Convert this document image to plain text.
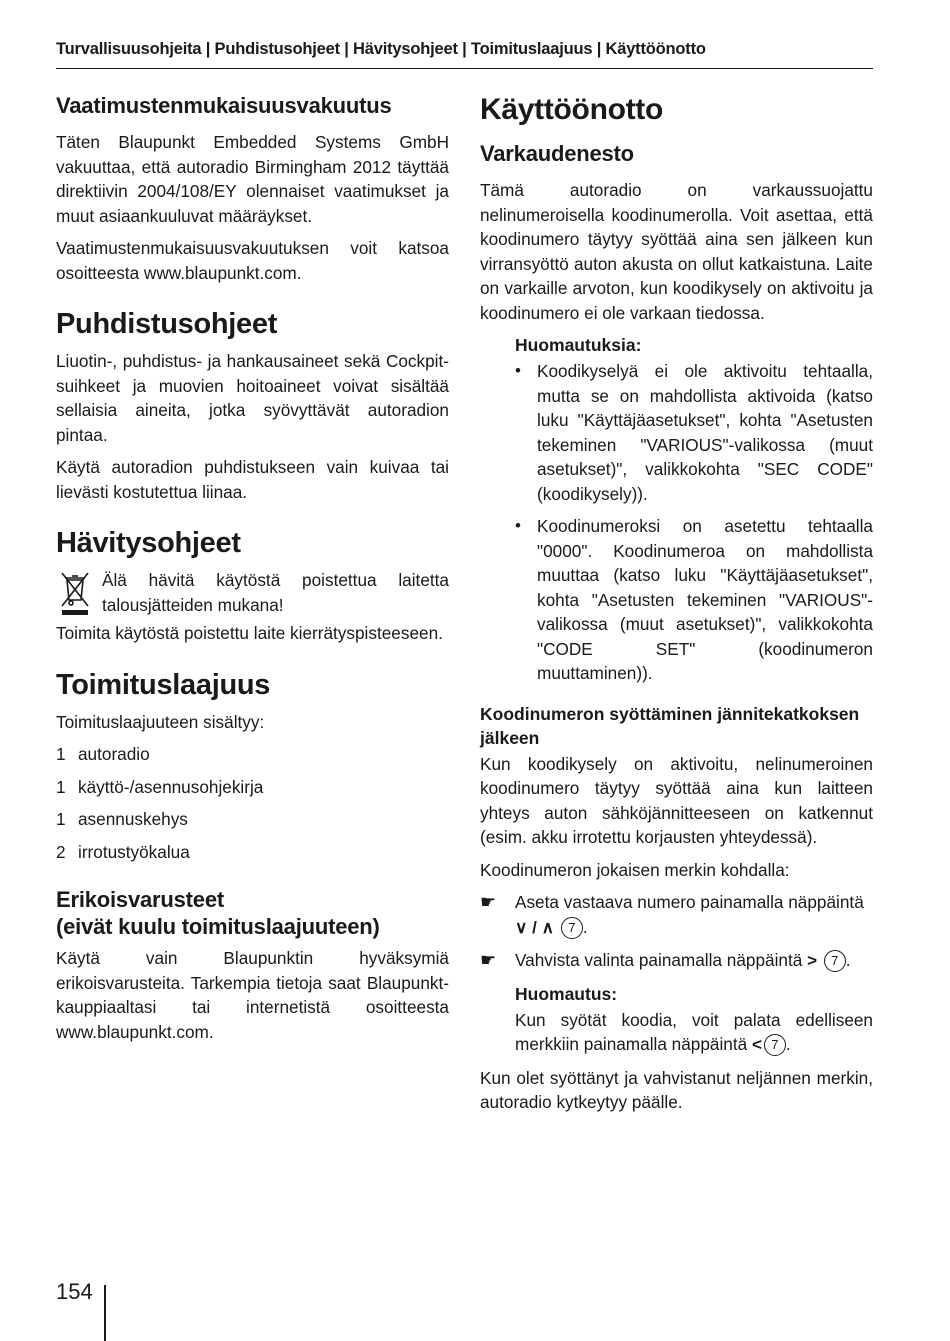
Turvallisuusohjeita | Puhdistusohjeet | Hävitysohjeet | Toimituslaajuus | Käyttöönotto
Vaatimustenmukaisuusvakuutus

Täten Blaupunkt Embedded Systems GmbH vakuuttaa, että autoradio Birmingham 2012 täyttää direktiivin 2004/108/EY olennaiset vaatimukset ja muut asiaankuuluvat määräykset.

Vaatimustenmukaisuusvakuutuksen voit katsoa osoitteesta www.blaupunkt.com.

Puhdistusohjeet

Liuotin-, puhdistus- ja hankausaineet sekä Cockpit-suihkeet ja muovien hoitoaineet voivat sisältää sellaisia aineita, jotka syövyttävät autoradion pintaa.

Käytä autoradion puhdistukseen vain kuivaa tai lievästi kostutettua liinaa.

Hävitysohjeet

Älä hävitä käytöstä poistettua laitetta talousjätteiden mukana!

Toimita käytöstä poistettu laite kierrätyspisteeseen.

Toimituslaajuus

Toimituslaajuuteen sisältyy:

1 autoradio
1 käyttö-/asennusohjekirja
1 asennuskehys
2 irrotustyökalua
Erikoisvarusteet
(eivät kuulu toimituslaajuuteen)

Käytä vain Blaupunktin hyväksymiä erikoisvarusteita. Tarkempia tietoja saat Blaupunkt-kauppiaaltasi tai internetistä osoitteesta www.blaupunkt.com.

Käyttöönotto
Varkaudenesto

Tämä autoradio on varkaussuojattu nelinumeroisella koodinumerolla. Voit asettaa, että koodinumero täytyy syöttää aina sen jälkeen kun virransyöttö auton akusta on ollut katkaistuna. Laite on varkaille arvoton, kun koodikysely on aktivoitu ja koodinumero ei ole varkaan tiedossa.

Huomautuksia:
• Koodikyselyä ei ole aktivoitu tehtaalla, mutta se on mahdollista aktivoida (katso luku "Käyttäjäasetukset", kohta "Asetusten tekeminen "VARIOUS"-valikossa (muut asetukset)", valikkokohta "SEC CODE" (koodikysely)).

• Koodinumeroksi on asetettu tehtaalla "0000". Koodinumeroa on mahdollista muuttaa (katso luku "Käyttäjäasetukset", kohta "Asetusten tekeminen "VARIOUS"-valikossa (muut asetukset)", valikkokohta "CODE SET" (koodinumeron muuttaminen)).

Koodinumeron syöttäminen jännitekatkoksen jälkeen

Kun koodikysely on aktivoitu, nelinumeroinen koodinumero täytyy syöttää aina kun laitteen yhteys auton sähköjännitteeseen on katkennut (esim. akku irrotettu korjausten yhteydessä).

Koodinumeron jokaisen merkin kohdalla:

☛	Aseta vastaava numero painamalla näppäintä
∨ / ∧ 7 .

☛	Vahvista valinta painamalla näppäintä > 7 .

Huomautus:

Kun syötät koodia, voit palata edelliseen merkkiin painamalla näppäintä < 7 .

Kun olet syöttänyt ja vahvistanut neljännen merkin, autoradio kytkeytyy päälle.

154
